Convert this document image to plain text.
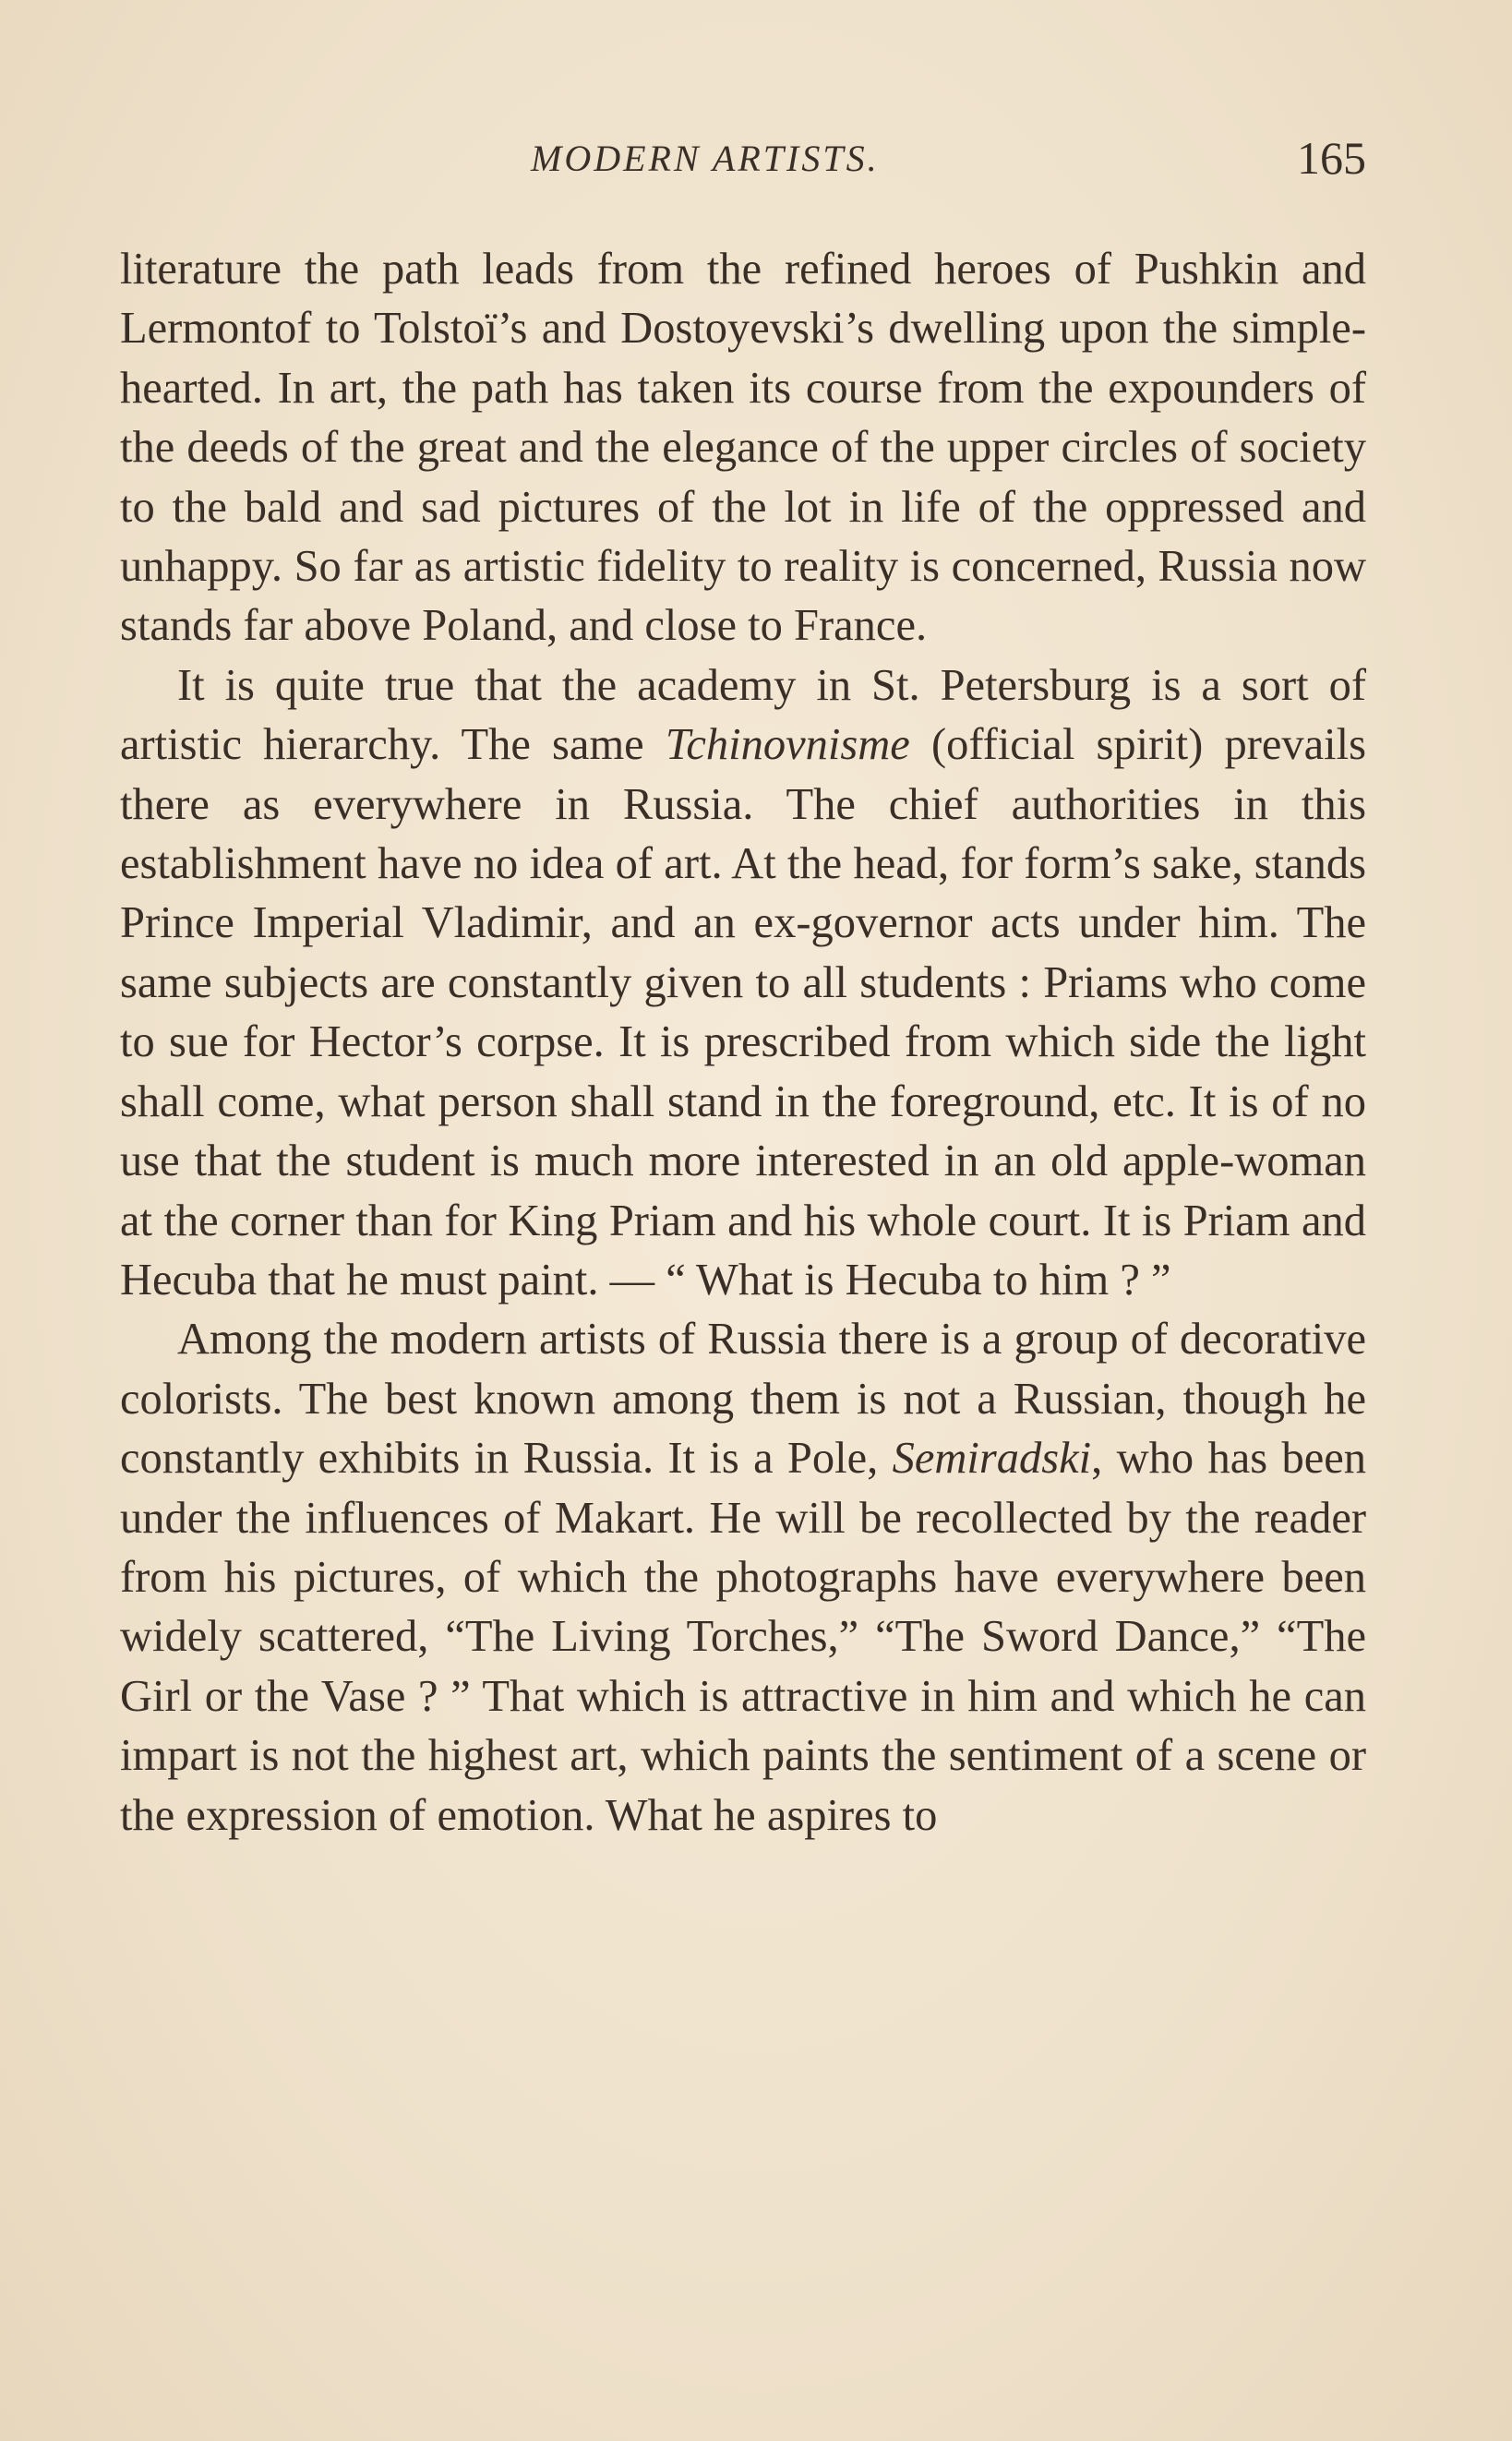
MODERN ARTISTS.	165

literature the path leads from the refined heroes of Pushkin and Lermontof to Tolstoï’s and Dostoyevski’s dwelling upon the simple-hearted. In art, the path has taken its course from the expounders of the deeds of the great and the elegance of the upper circles of society to the bald and sad pictures of the lot in life of the oppressed and unhappy. So far as artistic fidelity to reality is concerned, Russia now stands far above Poland, and close to France.

It is quite true that the academy in St. Petersburg is a sort of artistic hierarchy. The same Tchinovnisme (official spirit) prevails there as everywhere in Russia. The chief authorities in this establishment have no idea of art. At the head, for form’s sake, stands Prince Imperial Vladimir, and an ex-governor acts under him. The same subjects are constantly given to all students : Priams who come to sue for Hector’s corpse. It is prescribed from which side the light shall come, what person shall stand in the foreground, etc. It is of no use that the student is much more interested in an old apple-woman at the corner than for King Priam and his whole court. It is Priam and Hecuba that he must paint. — “ What is Hecuba to him ? ”

Among the modern artists of Russia there is a group of decorative colorists. The best known among them is not a Russian, though he constantly exhibits in Russia. It is a Pole, Semiradski, who has been under the influences of Makart. He will be recollected by the reader from his pictures, of which the photographs have everywhere been widely scattered, “The Living Torches,” “The Sword Dance,” “The Girl or the Vase ? ” That which is attractive in him and which he can impart is not the highest art, which paints the sentiment of a scene or the expression of emotion. What he aspires to
